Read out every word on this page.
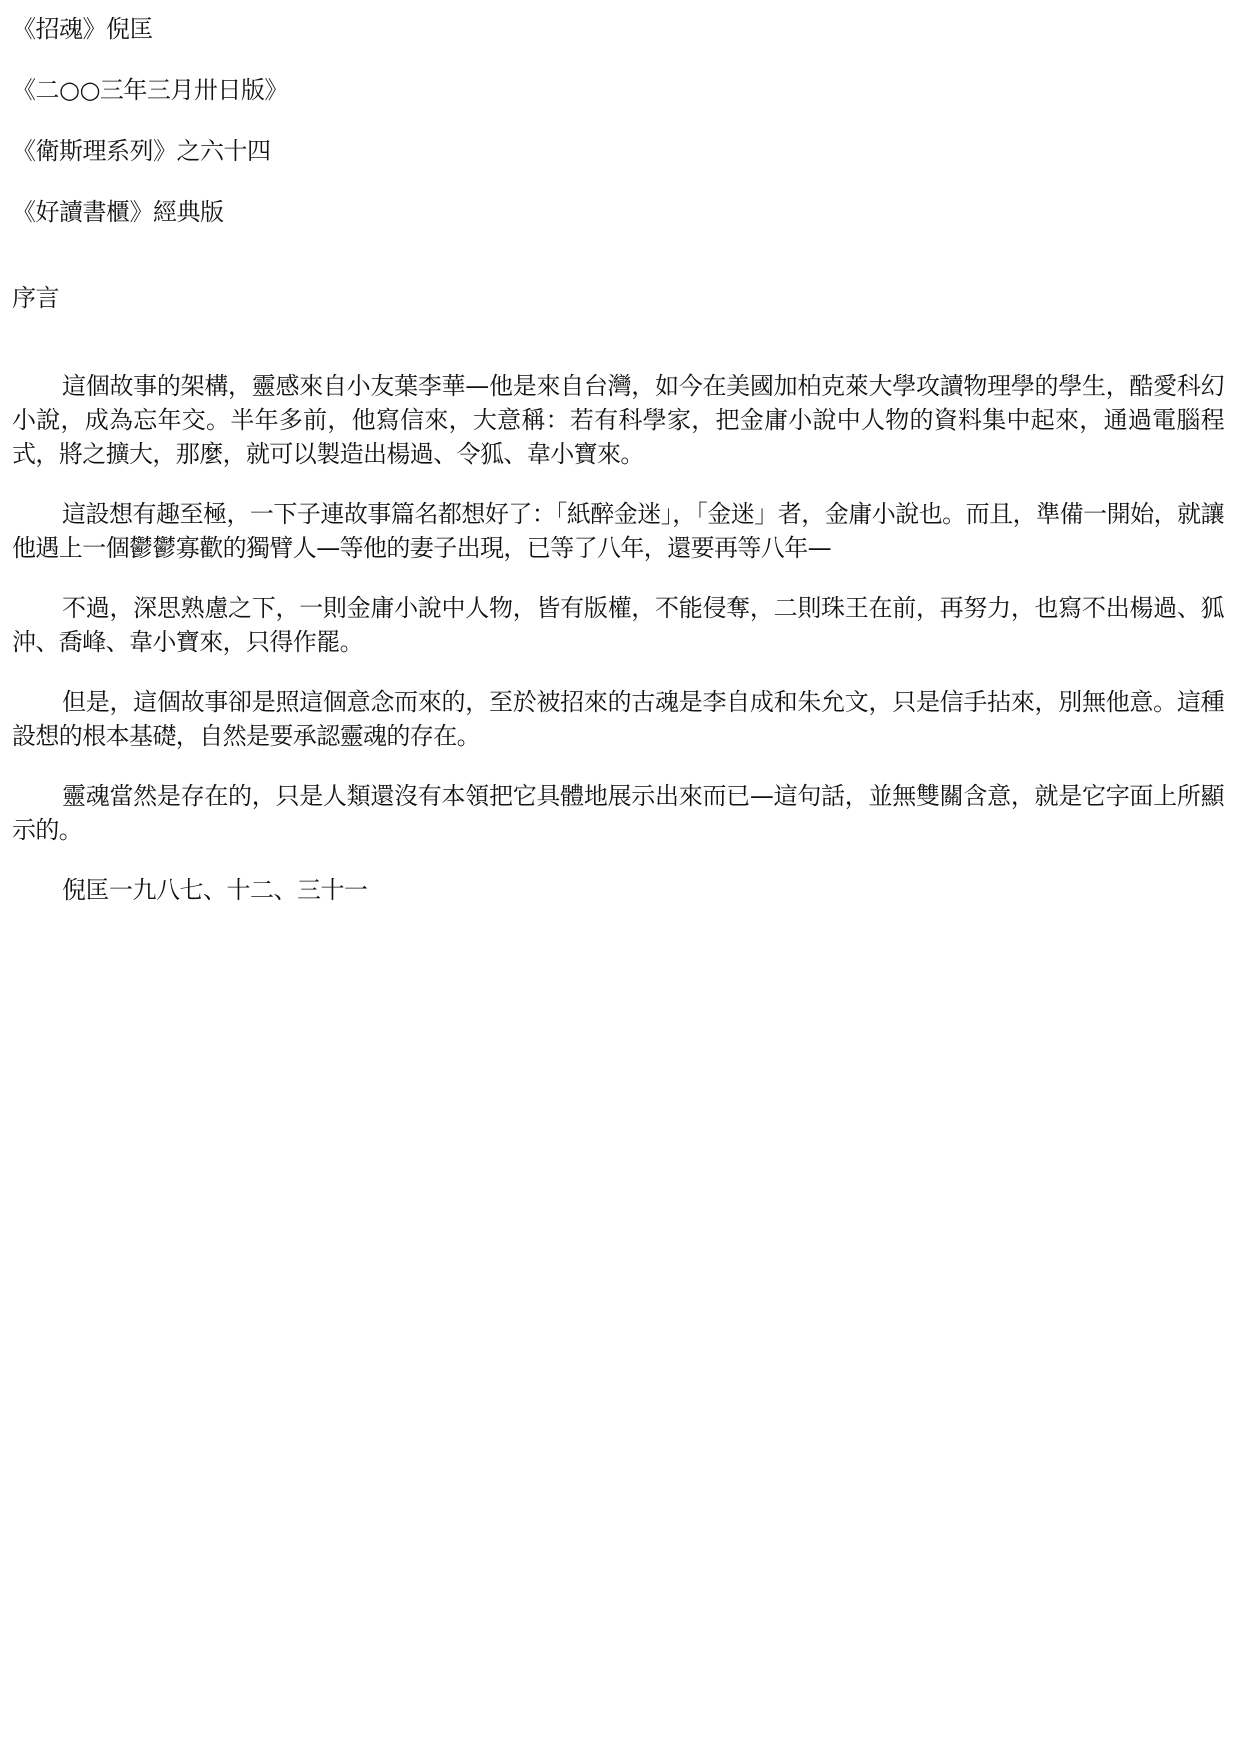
《招魂》倪匡

《二○○三年三月卅日版》

《衛斯理系列》之六十四

《好讀書櫃》經典版

序言

這個故事的架構，靈感來自小友葉李華—他是來自台灣，如今在美國加柏克萊大學攻讀物理學的學生，酷愛科幻小說，成為忘年交。半年多前，他寫信來，大意稱：若有科學家，把金庸小說中人物的資料集中起來，通過電腦程式，將之擴大，那麼，就可以製造出楊過、令狐、韋小寶來。

這設想有趣至極，一下子連故事篇名都想好了：「紙醉金迷」，「金迷」者，金庸小說也。而且，準備一開始，就讓他遇上一個鬱鬱寡歡的獨臂人—等他的妻子出現，已等了八年，還要再等八年—

不過，深思熟慮之下，一則金庸小說中人物，皆有版權，不能侵奪，二則珠王在前，再努力，也寫不出楊過、狐沖、喬峰、韋小寶來，只得作罷。

但是，這個故事卻是照這個意念而來的，至於被招來的古魂是李自成和朱允文，只是信手拈來，別無他意。這種設想的根本基礎，自然是要承認靈魂的存在。

靈魂當然是存在的，只是人類還沒有本領把它具體地展示出來而已—這句話，並無雙關含意，就是它字面上所顯示的。

倪匡一九八七、十二、三十一
